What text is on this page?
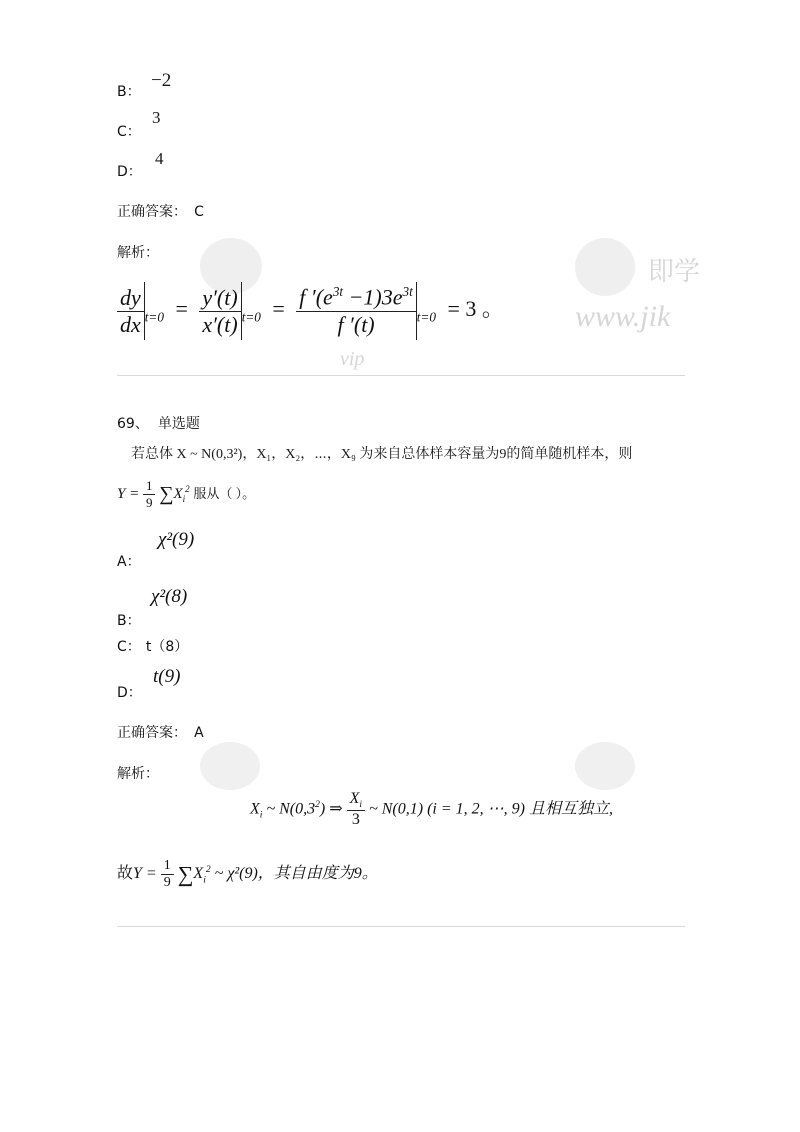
B：
−2
C：
3
D：
4
正确答案： C
解析：
即学
www.jik
vip
$\frac{dy}{dx} _{t=0} = \frac{y'(t)}{x'(t)} _{t=0} = \frac{f '(e^{3t} -1)3e^{3t}}{f '(t)} _{t=0} = 3$ 。
69、 单选题
若总体 X ~ N(0,3²)，X₁，X₂，⋯，X₉ 为来自总体样本容量为9的简单随机样本，则
$Y = \frac{1}{9} \sum X_i^2$ 服从（ ）。
A：
χ²(9)
χ²(8)
B：
C： t（8）
D：
t(9)
正确答案： A
解析：
$X_i$ ~ $N(0,3^2)$ ⇒ $\frac{X_i}{3}$ ~ N(0,1) (i = 1, 2, ⋯, 9) 且相互独立,
故$Y = \frac{1}{9} \sum X_i^2$ ~ χ²(9)，其自由度为9。
